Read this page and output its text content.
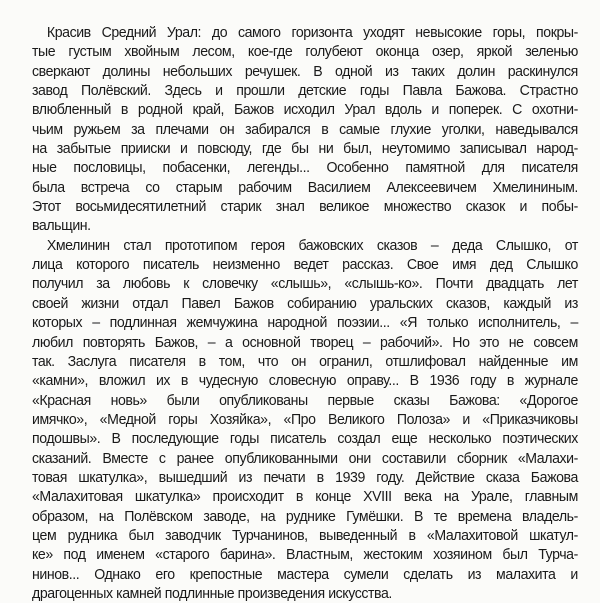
Красив Средний Урал: до самого горизонта уходят невысокие горы, покры-
тые густым хвойным лесом, кое-где голубеют оконца озер, яркой зеленью
сверкают долины небольших речушек. В одной из таких долин раскинулся
завод Полёвский. Здесь и прошли детские годы Павла Бажова. Страстно
влюбленный в родной край, Бажов исходил Урал вдоль и поперек. С охотни-
чьим ружьем за плечами он забирался в самые глухие уголки, наведывался
на забытые прииски и повсюду, где бы ни был, неутомимо записывал народ-
ные пословицы, побасенки, легенды... Особенно памятной для писателя
была встреча со старым рабочим Василием Алексеевичем Хмелининым.
Этот восьмидесятилетний старик знал великое множество сказок и побы-
вальщин.
Хмелинин стал прототипом героя бажовских сказов – деда Слышко, от
лица которого писатель неизменно ведет рассказ. Свое имя дед Слышко
получил за любовь к словечку «слышь», «слышь-ко». Почти двадцать лет
своей жизни отдал Павел Бажов собиранию уральских сказов, каждый из
которых – подлинная жемчужина народной поэзии... «Я только исполнитель, –
любил повторять Бажов, – а основной творец – рабочий». Но это не совсем
так. Заслуга писателя в том, что он огранил, отшлифовал найденные им
«камни», вложил их в чудесную словесную оправу... В 1936 году в журнале
«Красная новь» были опубликованы первые сказы Бажова: «Дорогое
имячко», «Медной горы Хозяйка», «Про Великого Полоза» и «Приказчиковы
подошвы». В последующие годы писатель создал еще несколько поэтических
сказаний. Вместе с ранее опубликованными они составили сборник «Малахи-
товая шкатулка», вышедший из печати в 1939 году. Действие сказа Бажова
«Малахитовая шкатулка» происходит в конце XVIII века на Урале, главным
образом, на Полёвском заводе, на руднике Гумёшки. В те времена владель-
цем рудника был заводчик Турчанинов, выведенный в «Малахитовой шкатул-
ке» под именем «старого барина». Властным, жестоким хозяином был Турча-
нинов... Однако его крепостные мастера сумели сделать из малахита и
драгоценных камней подлинные произведения искусства.
